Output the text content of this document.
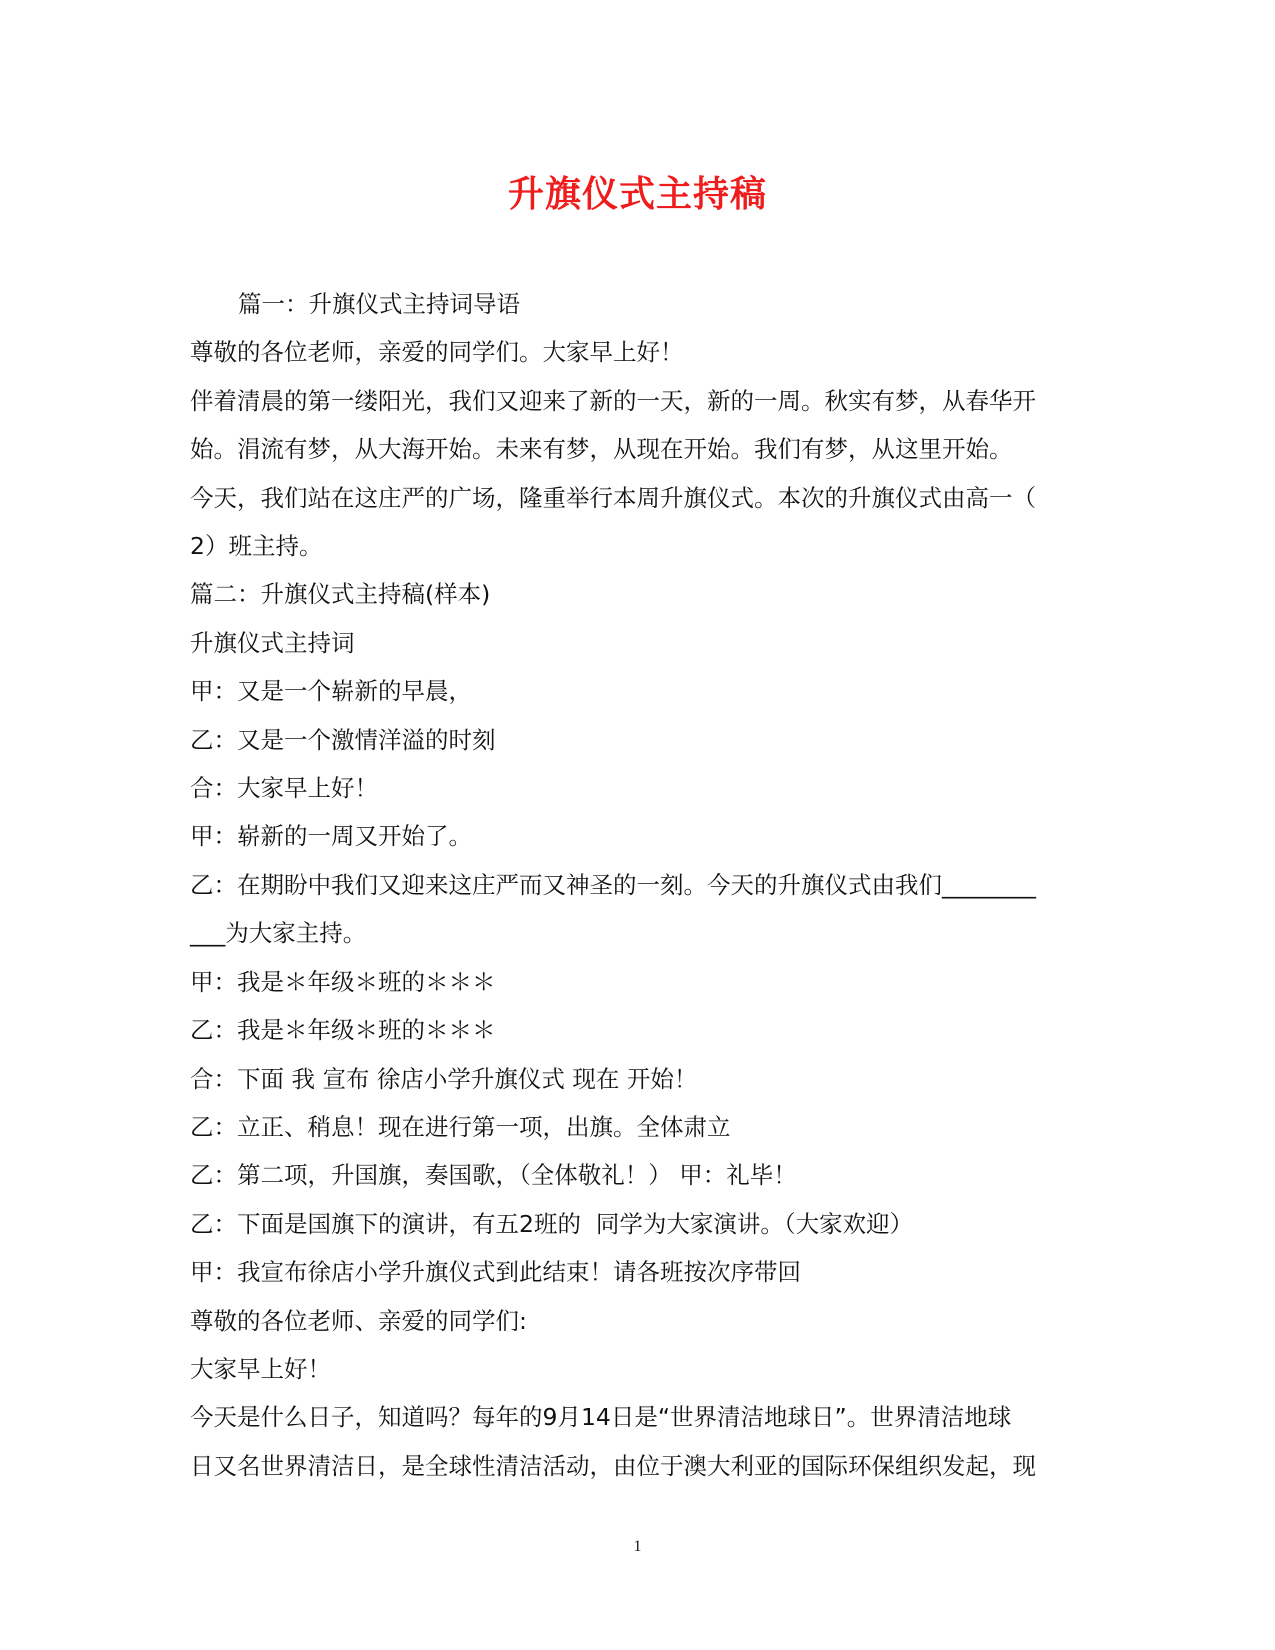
升旗仪式主持稿

篇一：升旗仪式主持词导语

尊敬的各位老师，亲爱的同学们。大家早上好！

伴着清晨的第一缕阳光，我们又迎来了新的一天，新的一周。秋实有梦，从春华开

始。涓流有梦，从大海开始。未来有梦，从现在开始。我们有梦，从这里开始。

今天，我们站在这庄严的广场，隆重举行本周升旗仪式。本次的升旗仪式由高一（

2）班主持。

篇二：升旗仪式主持稿(样本)

升旗仪式主持词

甲：又是一个崭新的早晨，

乙：又是一个激情洋溢的时刻

合：大家早上好！

甲：崭新的一周又开始了。

乙：在期盼中我们又迎来这庄严而又神圣的一刻。今天的升旗仪式由我们________

___为大家主持。

甲：我是＊年级＊班的＊＊＊

乙：我是＊年级＊班的＊＊＊

合：下面 我 宣布 徐店小学升旗仪式 现在 开始！

乙：立正、稍息！现在进行第一项，出旗。全体肃立

乙：第二项，升国旗，奏国歌，（全体敬礼！） 甲：礼毕！

乙：下面是国旗下的演讲，有五2班的  同学为大家演讲。（大家欢迎）

甲：我宣布徐店小学升旗仪式到此结束！请各班按次序带回

尊敬的各位老师、亲爱的同学们:

大家早上好！

今天是什么日子，知道吗？每年的9月14日是“世界清洁地球日”。世界清洁地球

日又名世界清洁日，是全球性清洁活动，由位于澳大利亚的国际环保组织发起，现

1
